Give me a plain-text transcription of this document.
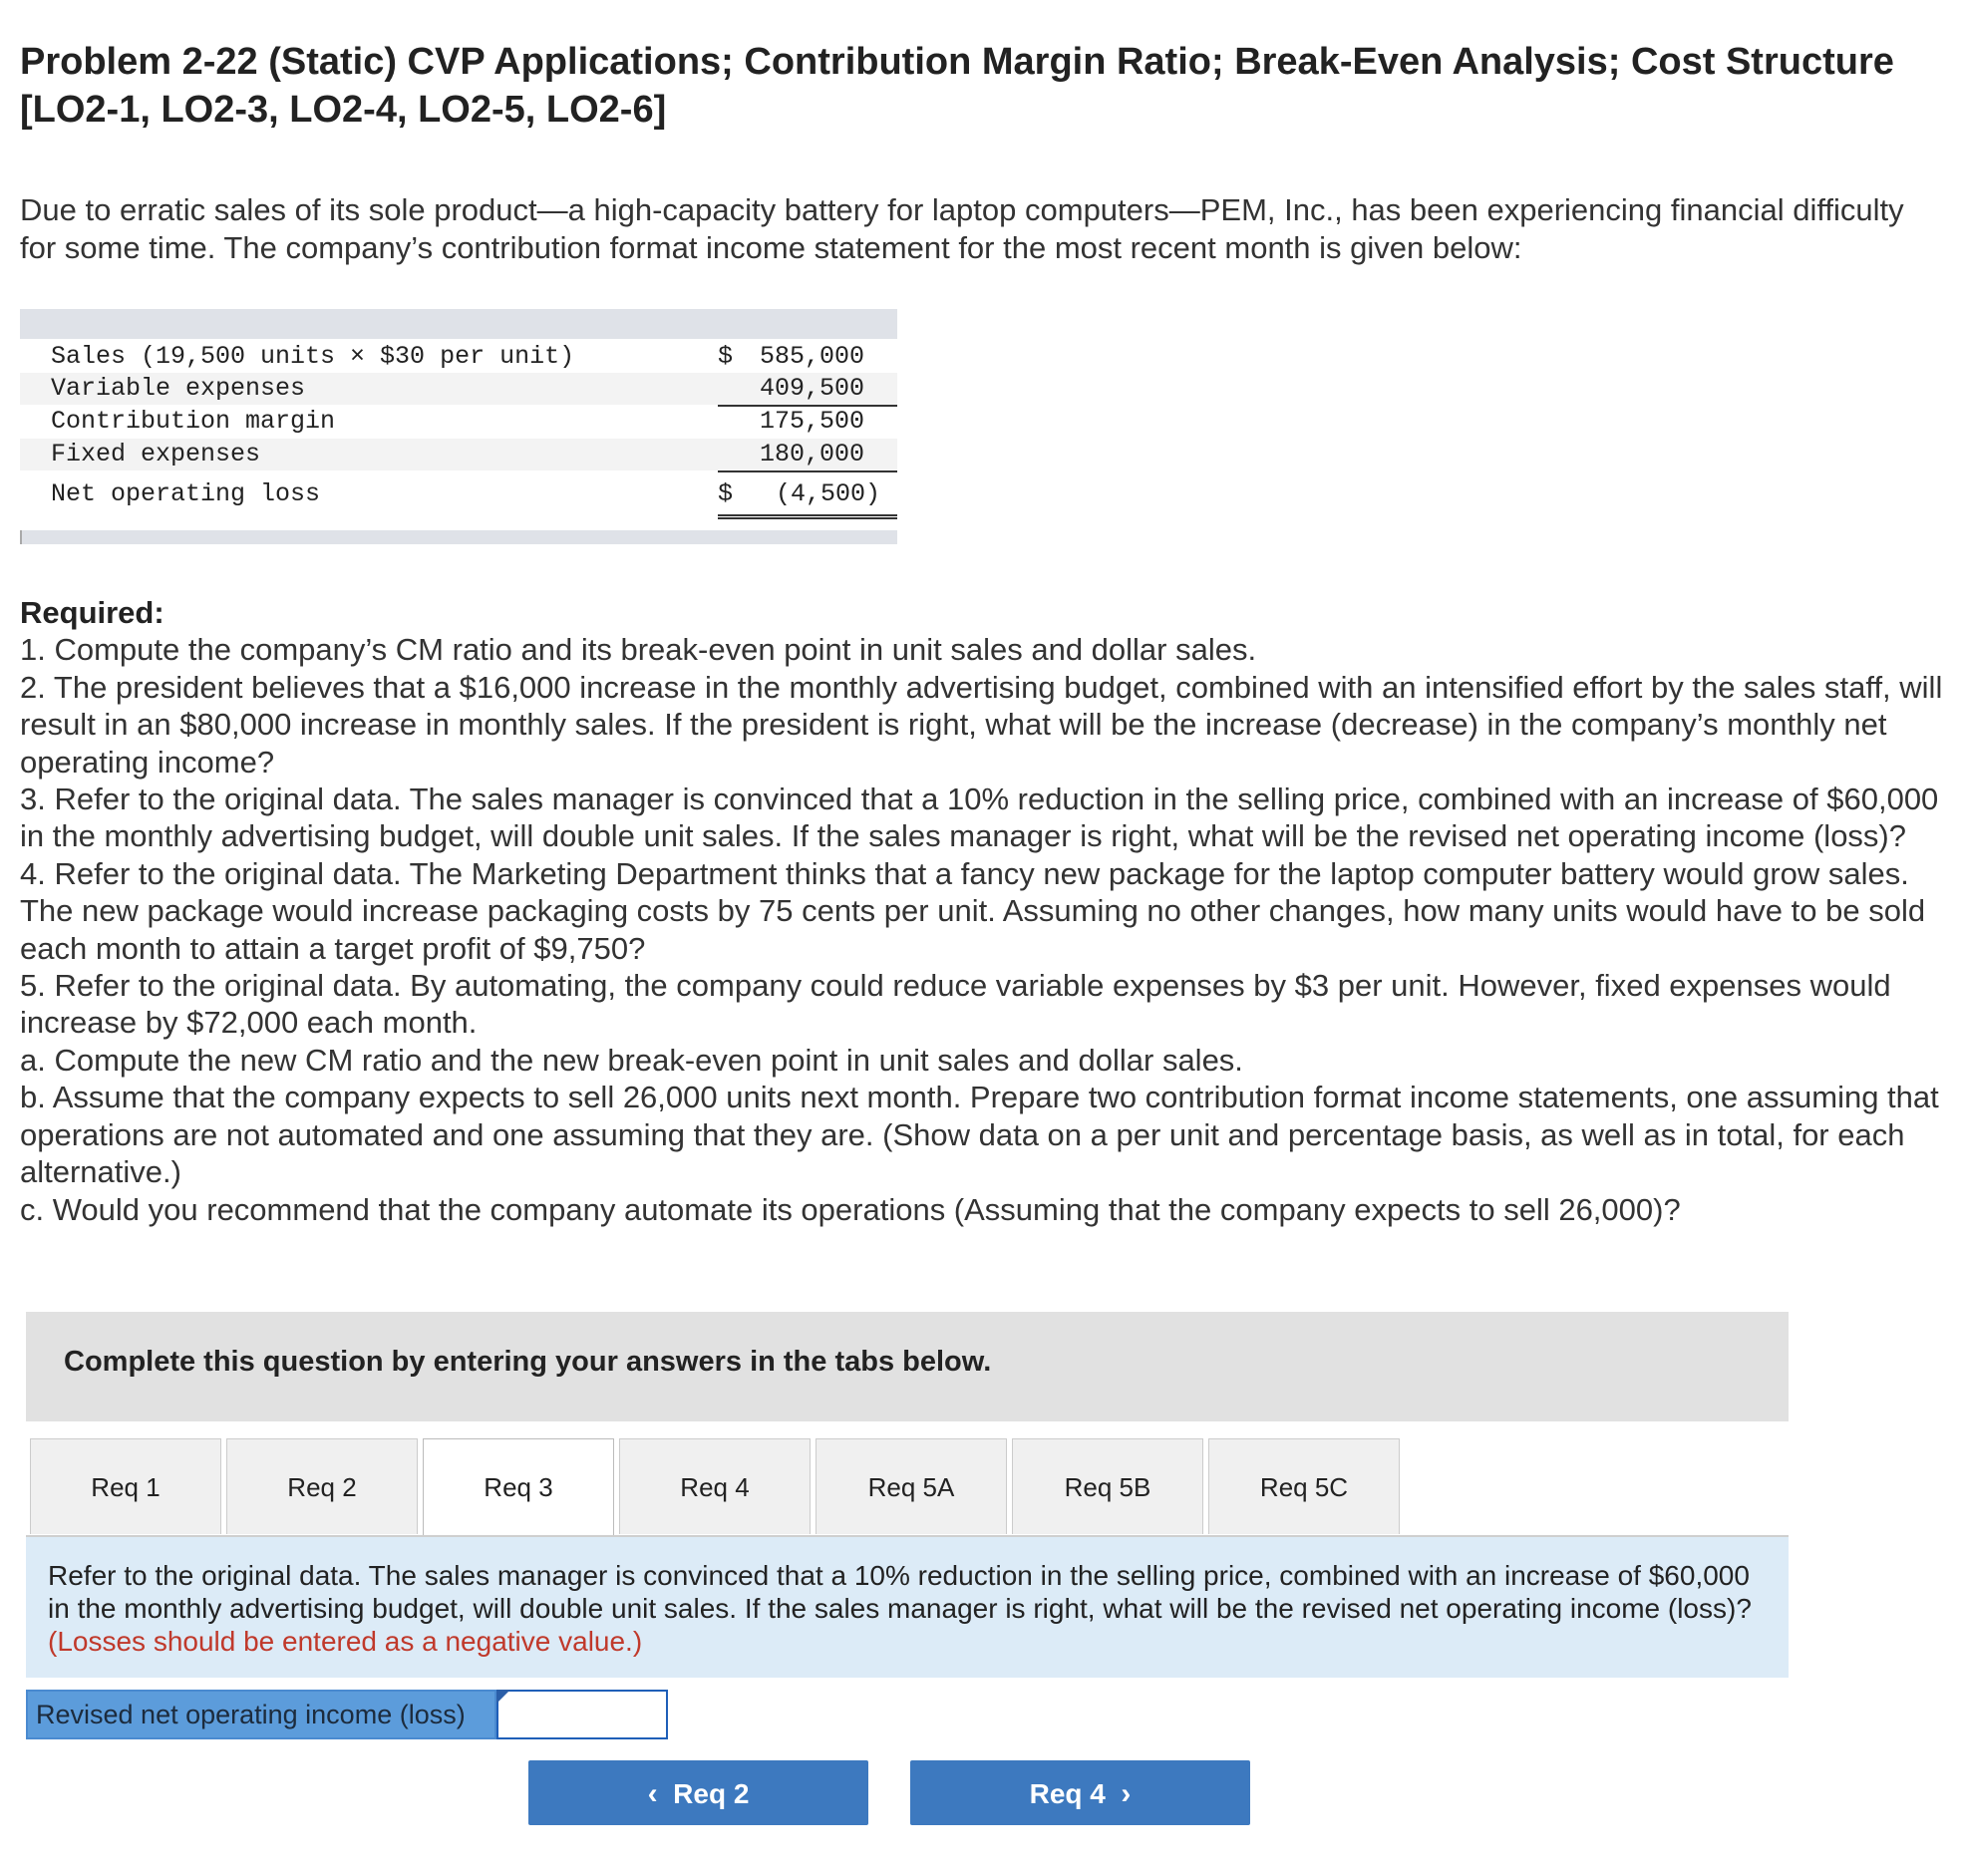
Problem 2-22 (Static) CVP Applications; Contribution Margin Ratio; Break-Even Analysis; Cost Structure [LO2-1, LO2-3, LO2-4, LO2-5, LO2-6]

Due to erratic sales of its sole product—a high-capacity battery for laptop computers—PEM, Inc., has been experiencing financial difficulty for some time. The company’s contribution format income statement for the most recent month is given below:

Sales (19,500 units × $30 per unit)	$ 585,000
Variable expenses	409,500
Contribution margin	175,500
Fixed expenses	180,000
Net operating loss	$ (4,500)

Required:

1. Compute the company’s CM ratio and its break-even point in unit sales and dollar sales.

2. The president believes that a $16,000 increase in the monthly advertising budget, combined with an intensified effort by the sales staff, will result in an $80,000 increase in monthly sales. If the president is right, what will be the increase (decrease) in the company’s monthly net operating income?

3. Refer to the original data. The sales manager is convinced that a 10% reduction in the selling price, combined with an increase of $60,000 in the monthly advertising budget, will double unit sales. If the sales manager is right, what will be the revised net operating income (loss)?

4. Refer to the original data. The Marketing Department thinks that a fancy new package for the laptop computer battery would grow sales. The new package would increase packaging costs by 75 cents per unit. Assuming no other changes, how many units would have to be sold each month to attain a target profit of $9,750?

5. Refer to the original data. By automating, the company could reduce variable expenses by $3 per unit. However, fixed expenses would increase by $72,000 each month.

a. Compute the new CM ratio and the new break-even point in unit sales and dollar sales.

b. Assume that the company expects to sell 26,000 units next month. Prepare two contribution format income statements, one assuming that operations are not automated and one assuming that they are. (Show data on a per unit and percentage basis, as well as in total, for each alternative.)

c. Would you recommend that the company automate its operations (Assuming that the company expects to sell 26,000)?

Complete this question by entering your answers in the tabs below.
Req 1	Req 2	Req 3	Req 4	Req 5A	Req 5B	Req 5C

Refer to the original data. The sales manager is convinced that a 10% reduction in the selling price, combined with an increase of $60,000 in the monthly advertising budget, will double unit sales. If the sales manager is right, what will be the revised net operating income (loss)? (Losses should be entered as a negative value.)

Revised net operating income (loss)
‹ Req 2	Req 4 ›
